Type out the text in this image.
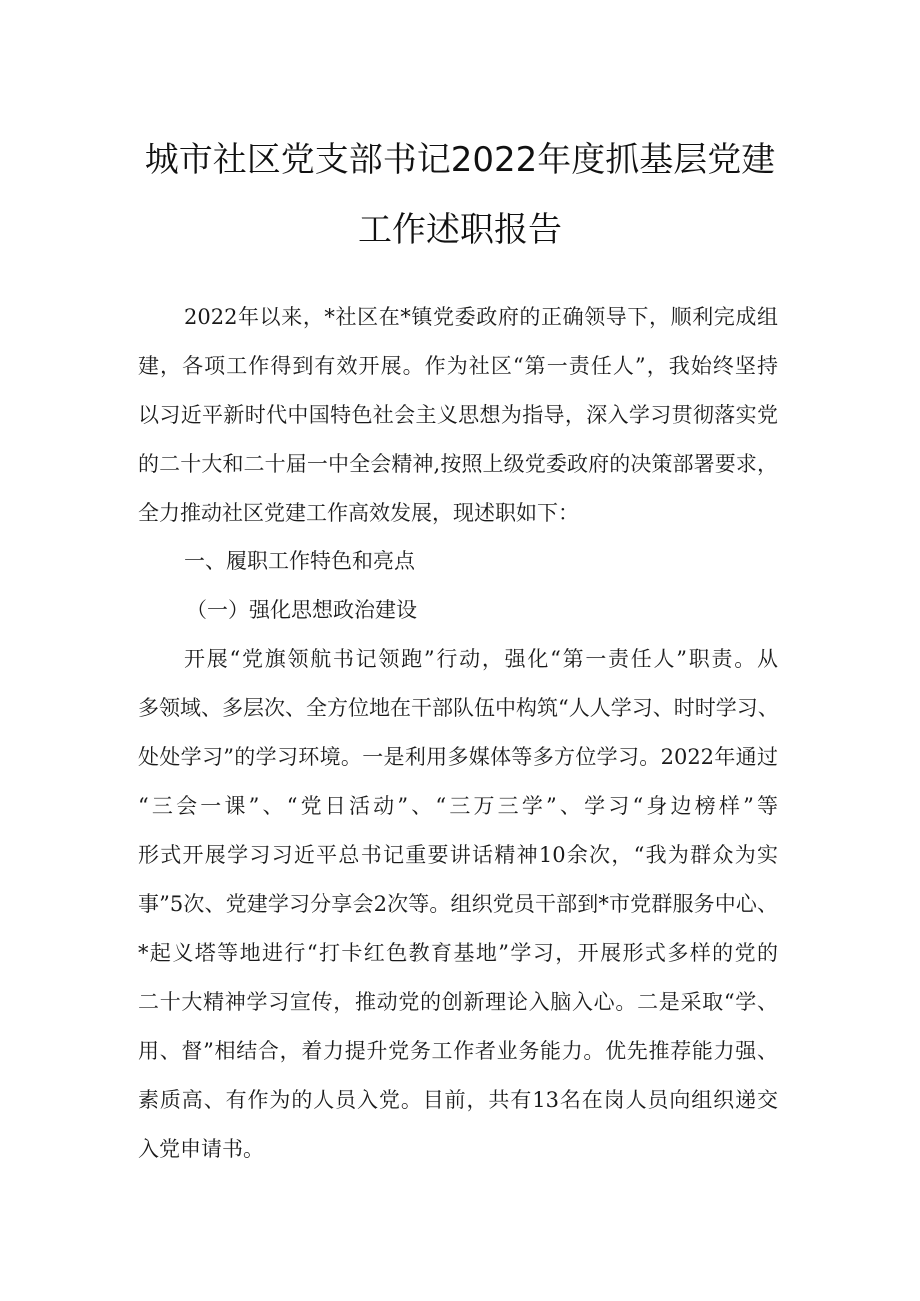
城市社区党支部书记2022年度抓基层党建
工作述职报告

2022年以来，*社区在*镇党委政府的正确领导下，顺利完成组

建，各项工作得到有效开展。作为社区“第一责任人”，我始终坚持

以习近平新时代中国特色社会主义思想为指导，深入学习贯彻落实党

的二十大和二十届一中全会精神,按照上级党委政府的决策部署要求，

全力推动社区党建工作高效发展，现述职如下：

一、履职工作特色和亮点

（一）强化思想政治建设

开展“党旗领航书记领跑”行动，强化“第一责任人”职责。从

多领域、多层次、全方位地在干部队伍中构筑“人人学习、时时学习、

处处学习”的学习环境。一是利用多媒体等多方位学习。2022年通过

“三会一课”、“党日活动”、“三万三学”、学习“身边榜样”等

形式开展学习习近平总书记重要讲话精神10余次，“我为群众为实

事”5次、党建学习分享会2次等。组织党员干部到*市党群服务中心、

*起义塔等地进行“打卡红色教育基地”学习，开展形式多样的党的

二十大精神学习宣传，推动党的创新理论入脑入心。二是采取“学、

用、督”相结合，着力提升党务工作者业务能力。优先推荐能力强、

素质高、有作为的人员入党。目前，共有13名在岗人员向组织递交

入党申请书。
